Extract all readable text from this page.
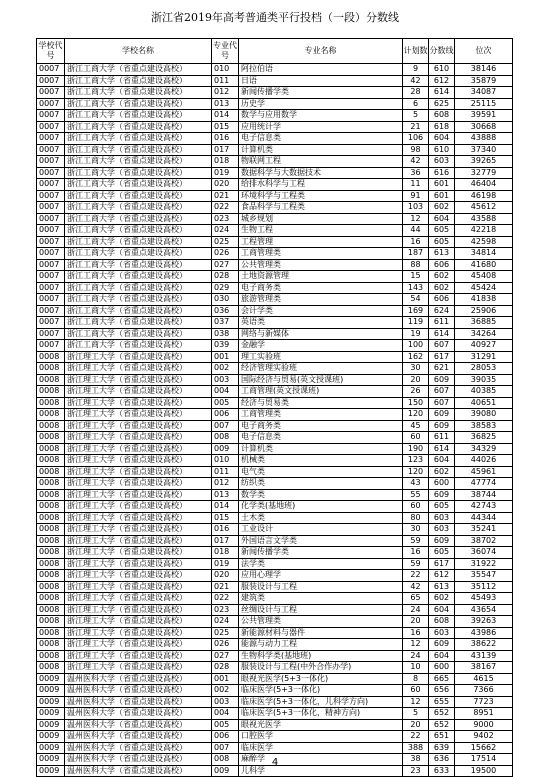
浙江省2019年高考普通类平行投档（一段）分数线
学校代号	学校名称	专业代号	专业名称	计划数	分数线	位次
0007	浙江工商大学（省重点建设高校）	010	阿拉伯语	9	610	38146
0007	浙江工商大学（省重点建设高校）	011	日语	42	612	35879
0007	浙江工商大学（省重点建设高校）	012	新闻传播学类	28	614	34087
0007	浙江工商大学（省重点建设高校）	013	历史学	6	625	25115
0007	浙江工商大学（省重点建设高校）	014	数学与应用数学	5	608	39591
0007	浙江工商大学（省重点建设高校）	015	应用统计学	21	618	30668
0007	浙江工商大学（省重点建设高校）	016	电子信息类	106	604	43888
0007	浙江工商大学（省重点建设高校）	017	计算机类	98	610	37340
0007	浙江工商大学（省重点建设高校）	018	物联网工程	42	603	39265
0007	浙江工商大学（省重点建设高校）	019	数据科学与大数据技术	36	616	32779
0007	浙江工商大学（省重点建设高校）	020	给排水科学与工程	11	601	46404
0007	浙江工商大学（省重点建设高校）	021	环境科学与工程类	91	601	46198
0007	浙江工商大学（省重点建设高校）	022	食品科学与工程类	103	602	45612
0007	浙江工商大学（省重点建设高校）	023	城乡规划	12	604	43588
0007	浙江工商大学（省重点建设高校）	024	生物工程	44	605	42218
0007	浙江工商大学（省重点建设高校）	025	工程管理	16	605	42598
0007	浙江工商大学（省重点建设高校）	026	工商管理类	187	613	34814
0007	浙江工商大学（省重点建设高校）	027	公共管理类	88	606	41680
0007	浙江工商大学（省重点建设高校）	028	土地资源管理	15	602	45408
0007	浙江工商大学（省重点建设高校）	029	电子商务类	143	602	45424
0007	浙江工商大学（省重点建设高校）	030	旅游管理类	54	606	41838
0007	浙江工商大学（省重点建设高校）	036	会计学类	169	624	25906
0007	浙江工商大学（省重点建设高校）	037	英语类	119	611	36885
0007	浙江工商大学（省重点建设高校）	038	网络与新媒体	19	614	34264
0007	浙江工商大学（省重点建设高校）	039	金融学	100	607	40927
0008	浙江理工大学（省重点建设高校）	001	理工实验班	162	617	31291
0008	浙江理工大学（省重点建设高校）	002	经济管理实验班	30	621	28053
0008	浙江理工大学（省重点建设高校）	003	国际经济与贸易(英文授课班)	20	609	39035
0008	浙江理工大学（省重点建设高校）	004	工商管理(英文授课班)	26	607	40385
0008	浙江理工大学（省重点建设高校）	005	经济与贸易类	150	607	40651
0008	浙江理工大学（省重点建设高校）	006	工商管理类	120	609	39080
0008	浙江理工大学（省重点建设高校）	007	电子商务类	45	609	38583
0008	浙江理工大学（省重点建设高校）	008	电子信息类	60	611	36825
0008	浙江理工大学（省重点建设高校）	009	计算机类	190	614	34329
0008	浙江理工大学（省重点建设高校）	010	机械类	123	604	44026
0008	浙江理工大学（省重点建设高校）	011	电气类	120	602	45961
0008	浙江理工大学（省重点建设高校）	012	纺织类	43	600	47774
0008	浙江理工大学（省重点建设高校）	013	数学类	55	609	38744
0008	浙江理工大学（省重点建设高校）	014	化学类(基地班)	60	605	42743
0008	浙江理工大学（省重点建设高校）	015	土木类	80	603	44344
0008	浙江理工大学（省重点建设高校）	016	工业设计	30	603	35241
0008	浙江理工大学（省重点建设高校）	017	外国语言文学类	59	609	38702
0008	浙江理工大学（省重点建设高校）	018	新闻传播学类	16	605	36074
0008	浙江理工大学（省重点建设高校）	019	法学类	59	617	31922
0008	浙江理工大学（省重点建设高校）	020	应用心理学	22	612	35547
0008	浙江理工大学（省重点建设高校）	021	服装设计与工程	42	613	35112
0008	浙江理工大学（省重点建设高校）	022	建筑类	65	602	45493
0008	浙江理工大学（省重点建设高校）	023	丝绸设计与工程	24	604	43654
0008	浙江理工大学（省重点建设高校）	024	公共管理类	20	608	39263
0008	浙江理工大学（省重点建设高校）	025	新能源材料与器件	16	603	43986
0008	浙江理工大学（省重点建设高校）	026	能源与动力工程	12	609	38622
0008	浙江理工大学（省重点建设高校）	027	生物科学类(基地班)	24	604	43139
0008	浙江理工大学（省重点建设高校）	028	服装设计与工程(中外合作办学)	10	600	38167
0009	温州医科大学（省重点建设高校）	001	眼视光医学(5+3一体化)	8	665	4615
0009	温州医科大学（省重点建设高校）	002	临床医学(5+3一体化)	60	656	7366
0009	温州医科大学（省重点建设高校）	003	临床医学(5+3一体化，儿科学方向)	12	655	7723
0009	温州医科大学（省重点建设高校）	004	临床医学(5+3一体化，精神方向)	5	652	8951
0009	温州医科大学（省重点建设高校）	005	眼视光医学	20	652	9000
0009	温州医科大学（省重点建设高校）	006	口腔医学	22	651	9402
0009	温州医科大学（省重点建设高校）	007	临床医学	388	639	15662
0009	温州医科大学（省重点建设高校）	008	麻醉学	38	636	17514
0009	温州医科大学（省重点建设高校）	009	儿科学	23	633	19500
4
